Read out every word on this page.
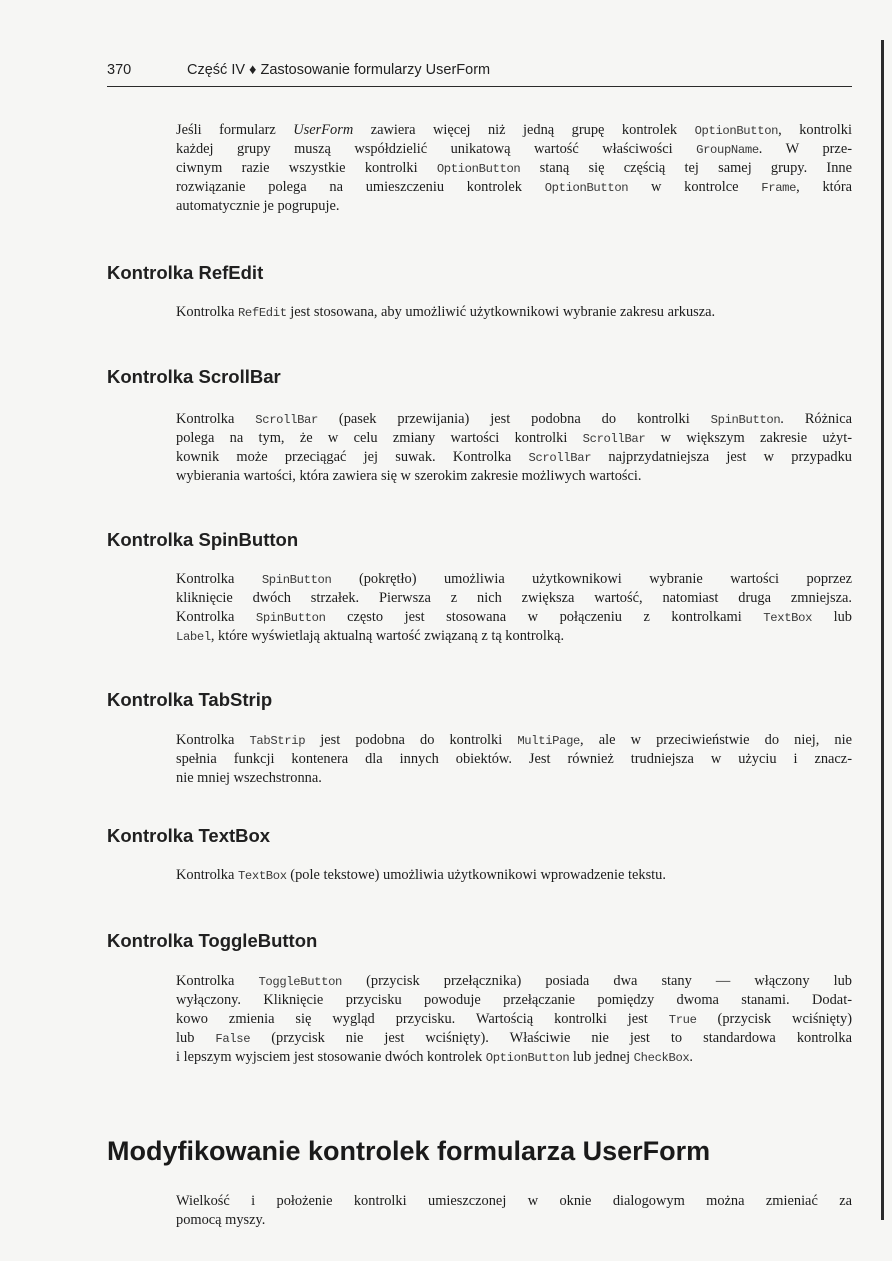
370	Część IV ♦ Zastosowanie formularzy UserForm
Jeśli formularz UserForm zawiera więcej niż jedną grupę kontrolek OptionButton, kontrolki
każdej grupy muszą współdzielić unikatową wartość właściwości GroupName. W prze-
ciwnym razie wszystkie kontrolki OptionButton staną się częścią tej samej grupy. Inne
rozwiązanie polega na umieszczeniu kontrolek OptionButton w kontrolce Frame, która
automatycznie je pogrupuje.
Kontrolka RefEdit
Kontrolka RefEdit jest stosowana, aby umożliwić użytkownikowi wybranie zakresu arkusza.
Kontrolka ScrollBar
Kontrolka ScrollBar (pasek przewijania) jest podobna do kontrolki SpinButton. Różnica
polega na tym, że w celu zmiany wartości kontrolki ScrollBar w większym zakresie użyt-
kownik może przeciągać jej suwak. Kontrolka ScrollBar najprzydatniejsza jest w przypadku
wybierania wartości, która zawiera się w szerokim zakresie możliwych wartości.
Kontrolka SpinButton
Kontrolka SpinButton (pokrętło) umożliwia użytkownikowi wybranie wartości poprzez
kliknięcie dwóch strzałek. Pierwsza z nich zwiększa wartość, natomiast druga zmniejsza.
Kontrolka SpinButton często jest stosowana w połączeniu z kontrolkami TextBox lub
Label, które wyświetlają aktualną wartość związaną z tą kontrolką.
Kontrolka TabStrip
Kontrolka TabStrip jest podobna do kontrolki MultiPage, ale w przeciwieństwie do niej, nie
spełnia funkcji kontenera dla innych obiektów. Jest również trudniejsza w użyciu i znacz-
nie mniej wszechstronna.
Kontrolka TextBox
Kontrolka TextBox (pole tekstowe) umożliwia użytkownikowi wprowadzenie tekstu.
Kontrolka ToggleButton
Kontrolka ToggleButton (przycisk przełącznika) posiada dwa stany — włączony lub
wyłączony. Kliknięcie przycisku powoduje przełączanie pomiędzy dwoma stanami. Dodat-
kowo zmienia się wygląd przycisku. Wartością kontrolki jest True (przycisk wciśnięty)
lub False (przycisk nie jest wciśnięty). Właściwie nie jest to standardowa kontrolka
i lepszym wyjsciem jest stosowanie dwóch kontrolek OptionButton lub jednej CheckBox.
Modyfikowanie kontrolek formularza UserForm
Wielkość i położenie kontrolki umieszczonej w oknie dialogowym można zmieniać za
pomocą myszy.
